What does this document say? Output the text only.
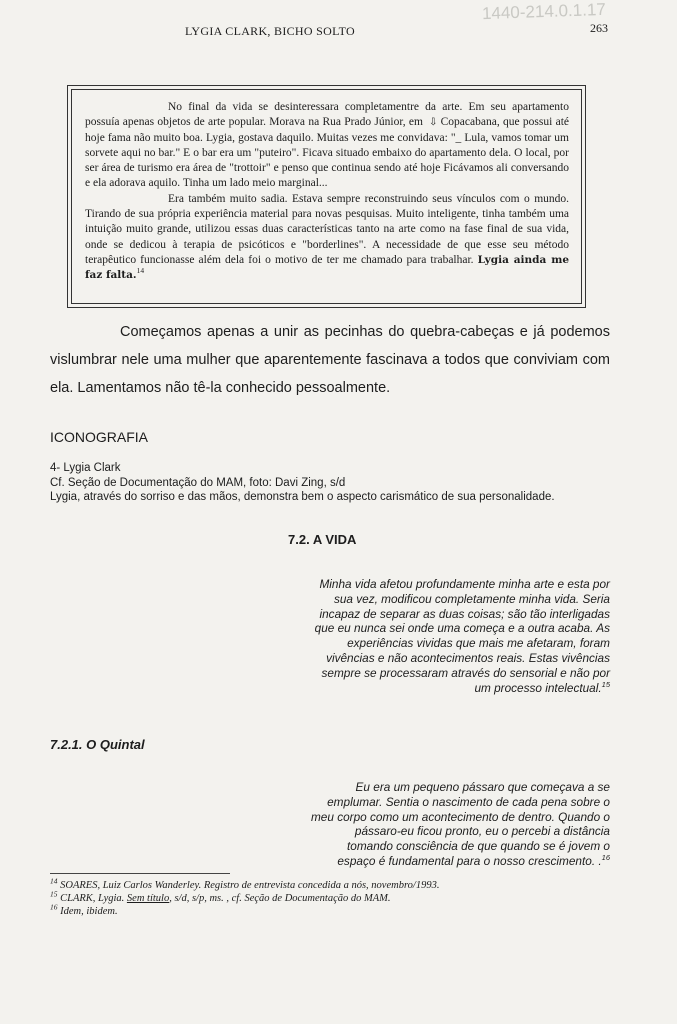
1440-214.0.1.17
LYGIA CLARK, BICHO SOLTO	263

No final da vida se desinteressara completamentre da arte. Em seu apartamento possuía apenas objetos de arte popular. Morava na Rua Prado Júnior, em ⇩ Copacabana, que possui até hoje fama não muito boa. Lygia, gostava daquilo. Muitas vezes me convidava: "_ Lula, vamos tomar um sorvete aqui no bar." E o bar era um "puteiro". Ficava situado embaixo do apartamento dela. O local, por ser área de turismo era área de "trottoir" e penso que continua sendo até hoje Ficávamos ali conversando e ela adorava aquilo. Tinha um lado meio marginal...

Era também muito sadia. Estava sempre reconstruindo seus vínculos com o mundo. Tirando de sua própria experiência material para novas pesquisas. Muito inteligente, tinha também uma intuição muito grande, utilizou essas duas características tanto na arte como na fase final de sua vida, onde se dedicou à terapia de psicóticos e "borderlines". A necessidade de que esse seu método terapêutico funcionasse além dela foi o motivo de ter me chamado para trabalhar. Lygia ainda me faz falta.$^{14}$

Começamos apenas a unir as pecinhas do quebra-cabeças e já podemos vislumbrar nele uma mulher que aparentemente fascinava a todos que conviviam com ela. Lamentamos não tê-la conhecido pessoalmente.

ICONOGRAFIA
4- Lygia Clark
Cf. Seção de Documentação do MAM, foto: Davi Zing, s/d
Lygia, através do sorriso e das mãos, demonstra bem o aspecto carismático de sua personalidade.
7.2. A VIDA
Minha vida afetou profundamente minha arte e esta por
sua vez, modificou completamente minha vida. Seria
incapaz de separar as duas coisas; são tão interligadas
que eu nunca sei onde uma começa e a outra acaba. As
experiências vividas que mais me afetaram, foram
vivências e não acontecimentos reais. Estas vivências
sempre se processaram através do sensorial e não por
um processo intelectual.$^{15}$
7.2.1. O Quintal
Eu era um pequeno pássaro que começava a se
emplumar. Sentia o nascimento de cada pena sobre o
meu corpo como um acontecimento de dentro. Quando o
pássaro-eu ficou pronto, eu o percebi a distância
tomando consciência de que quando se é jovem o
espaço é fundamental para o nosso crescimento. .$^{16}$
$^{14}$ SOARES, Luiz Carlos Wanderley. Registro de entrevista concedida a nós, novembro/1993.
$^{15}$ CLARK, Lygia. Sem título, s/d, s/p, ms. , cf. Seção de Documentação do MAM.
$^{16}$ Idem, ibidem.
